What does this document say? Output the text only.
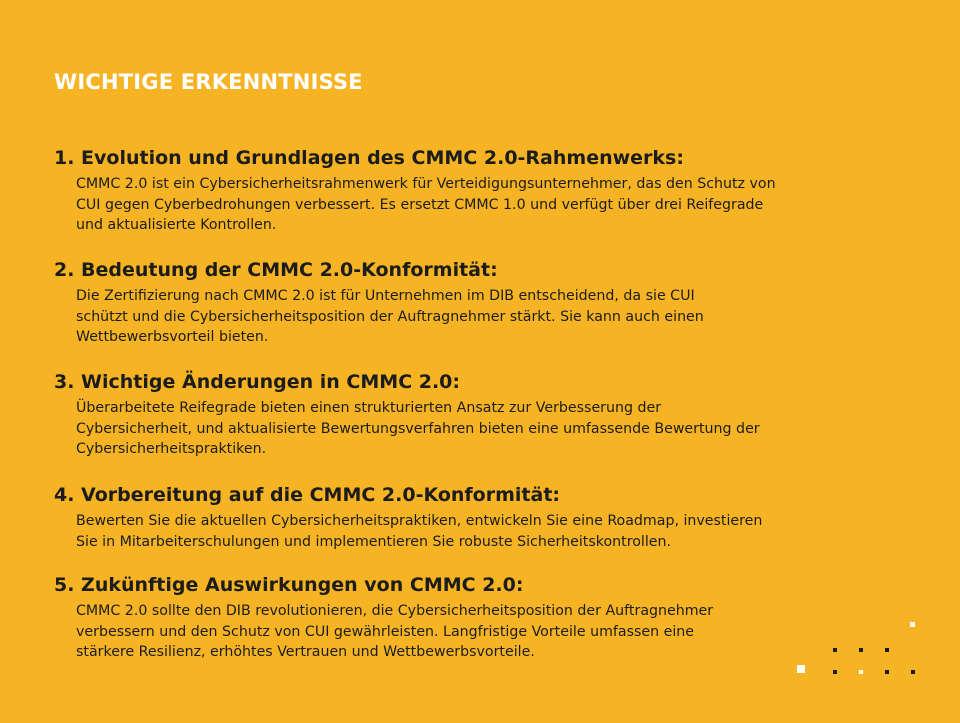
WICHTIGE ERKENNTNISSE
1. Evolution und Grundlagen des CMMC 2.0-Rahmenwerks:

CMMC 2.0 ist ein Cybersicherheitsrahmenwerk für Verteidigungsunternehmer, das den Schutz von
CUI gegen Cyberbedrohungen verbessert. Es ersetzt CMMC 1.0 und verfügt über drei Reifegrade
und aktualisierte Kontrollen.

2. Bedeutung der CMMC 2.0-Konformität:

Die Zertifizierung nach CMMC 2.0 ist für Unternehmen im DIB entscheidend, da sie CUI
schützt und die Cybersicherheitsposition der Auftragnehmer stärkt. Sie kann auch einen
Wettbewerbsvorteil bieten.

3. Wichtige Änderungen in CMMC 2.0:

Überarbeitete Reifegrade bieten einen strukturierten Ansatz zur Verbesserung der
Cybersicherheit, und aktualisierte Bewertungsverfahren bieten eine umfassende Bewertung der
Cybersicherheitspraktiken.

4. Vorbereitung auf die CMMC 2.0-Konformität:

Bewerten Sie die aktuellen Cybersicherheitspraktiken, entwickeln Sie eine Roadmap, investieren
Sie in Mitarbeiterschulungen und implementieren Sie robuste Sicherheitskontrollen.

5. Zukünftige Auswirkungen von CMMC 2.0:

CMMC 2.0 sollte den DIB revolutionieren, die Cybersicherheitsposition der Auftragnehmer
verbessern und den Schutz von CUI gewährleisten. Langfristige Vorteile umfassen eine
stärkere Resilienz, erhöhtes Vertrauen und Wettbewerbsvorteile.
